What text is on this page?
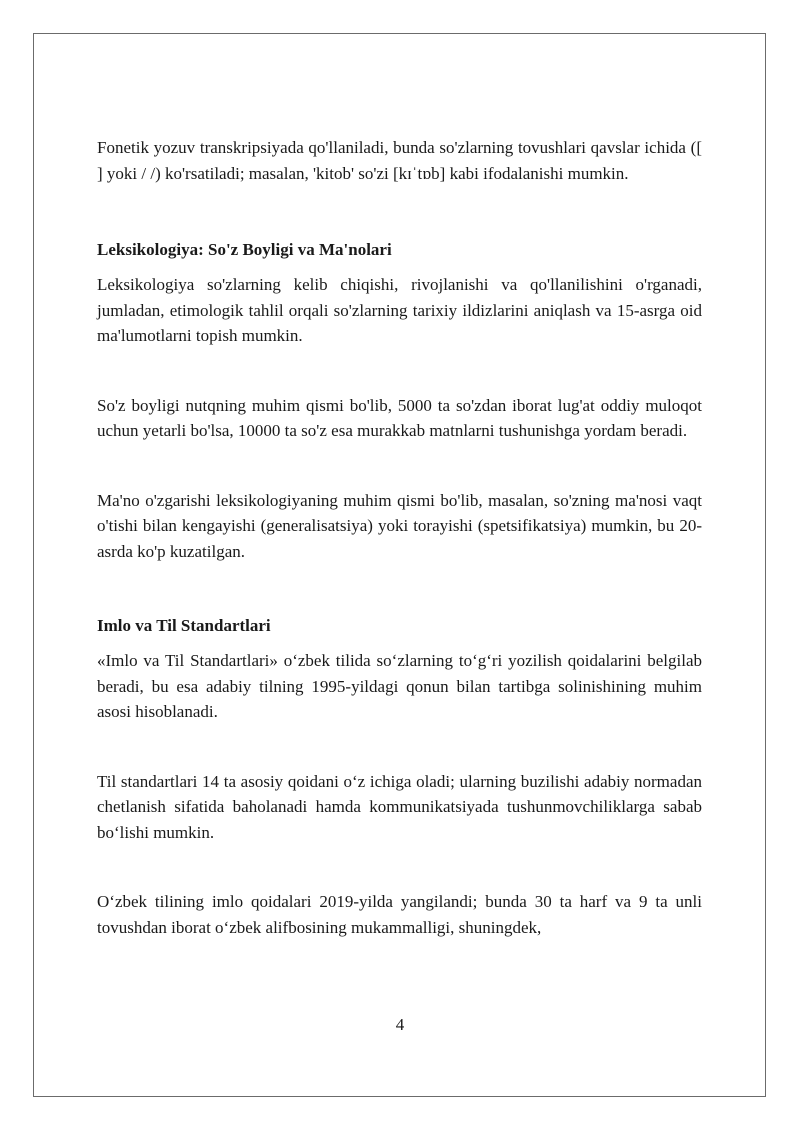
Fonetik yozuv transkripsiyada qo'llaniladi, bunda so'zlarning tovushlari qavslar ichida ([ ] yoki / /) ko'rsatiladi; masalan, 'kitob' so'zi [kɪˈtɒb] kabi ifodalanishi mumkin.

Leksikologiya: So'z Boyligi va Ma'nolari

Leksikologiya so'zlarning kelib chiqishi, rivojlanishi va qo'llanilishini o'rganadi, jumladan, etimologik tahlil orqali so'zlarning tarixiy ildizlarini aniqlash va 15-asrga oid ma'lumotlarni topish mumkin.

So'z boyligi nutqning muhim qismi bo'lib, 5000 ta so'zdan iborat lug'at oddiy muloqot uchun yetarli bo'lsa, 10000 ta so'z esa murakkab matnlarni tushunishga yordam beradi.

Ma'no o'zgarishi leksikologiyaning muhim qismi bo'lib, masalan, so'zning ma'nosi vaqt o'tishi bilan kengayishi (generalisatsiya) yoki torayishi (spetsifikatsiya) mumkin, bu 20-asrda ko'p kuzatilgan.

Imlo va Til Standartlari

«Imlo va Til Standartlari» oʻzbek tilida soʻzlarning toʻgʻri yozilish qoidalarini belgilab beradi, bu esa adabiy tilning 1995-yildagi qonun bilan tartibga solinishining muhim asosi hisoblanadi.

Til standartlari 14 ta asosiy qoidani oʻz ichiga oladi; ularning buzilishi adabiy normadan chetlanish sifatida baholanadi hamda kommunikatsiyada tushunmovchiliklarga sabab boʻlishi mumkin.

Oʻzbek tilining imlo qoidalari 2019-yilda yangilandi; bunda 30 ta harf va 9 ta unli tovushdan iborat oʻzbek alifbosining mukammalligi, shuningdek,

4
